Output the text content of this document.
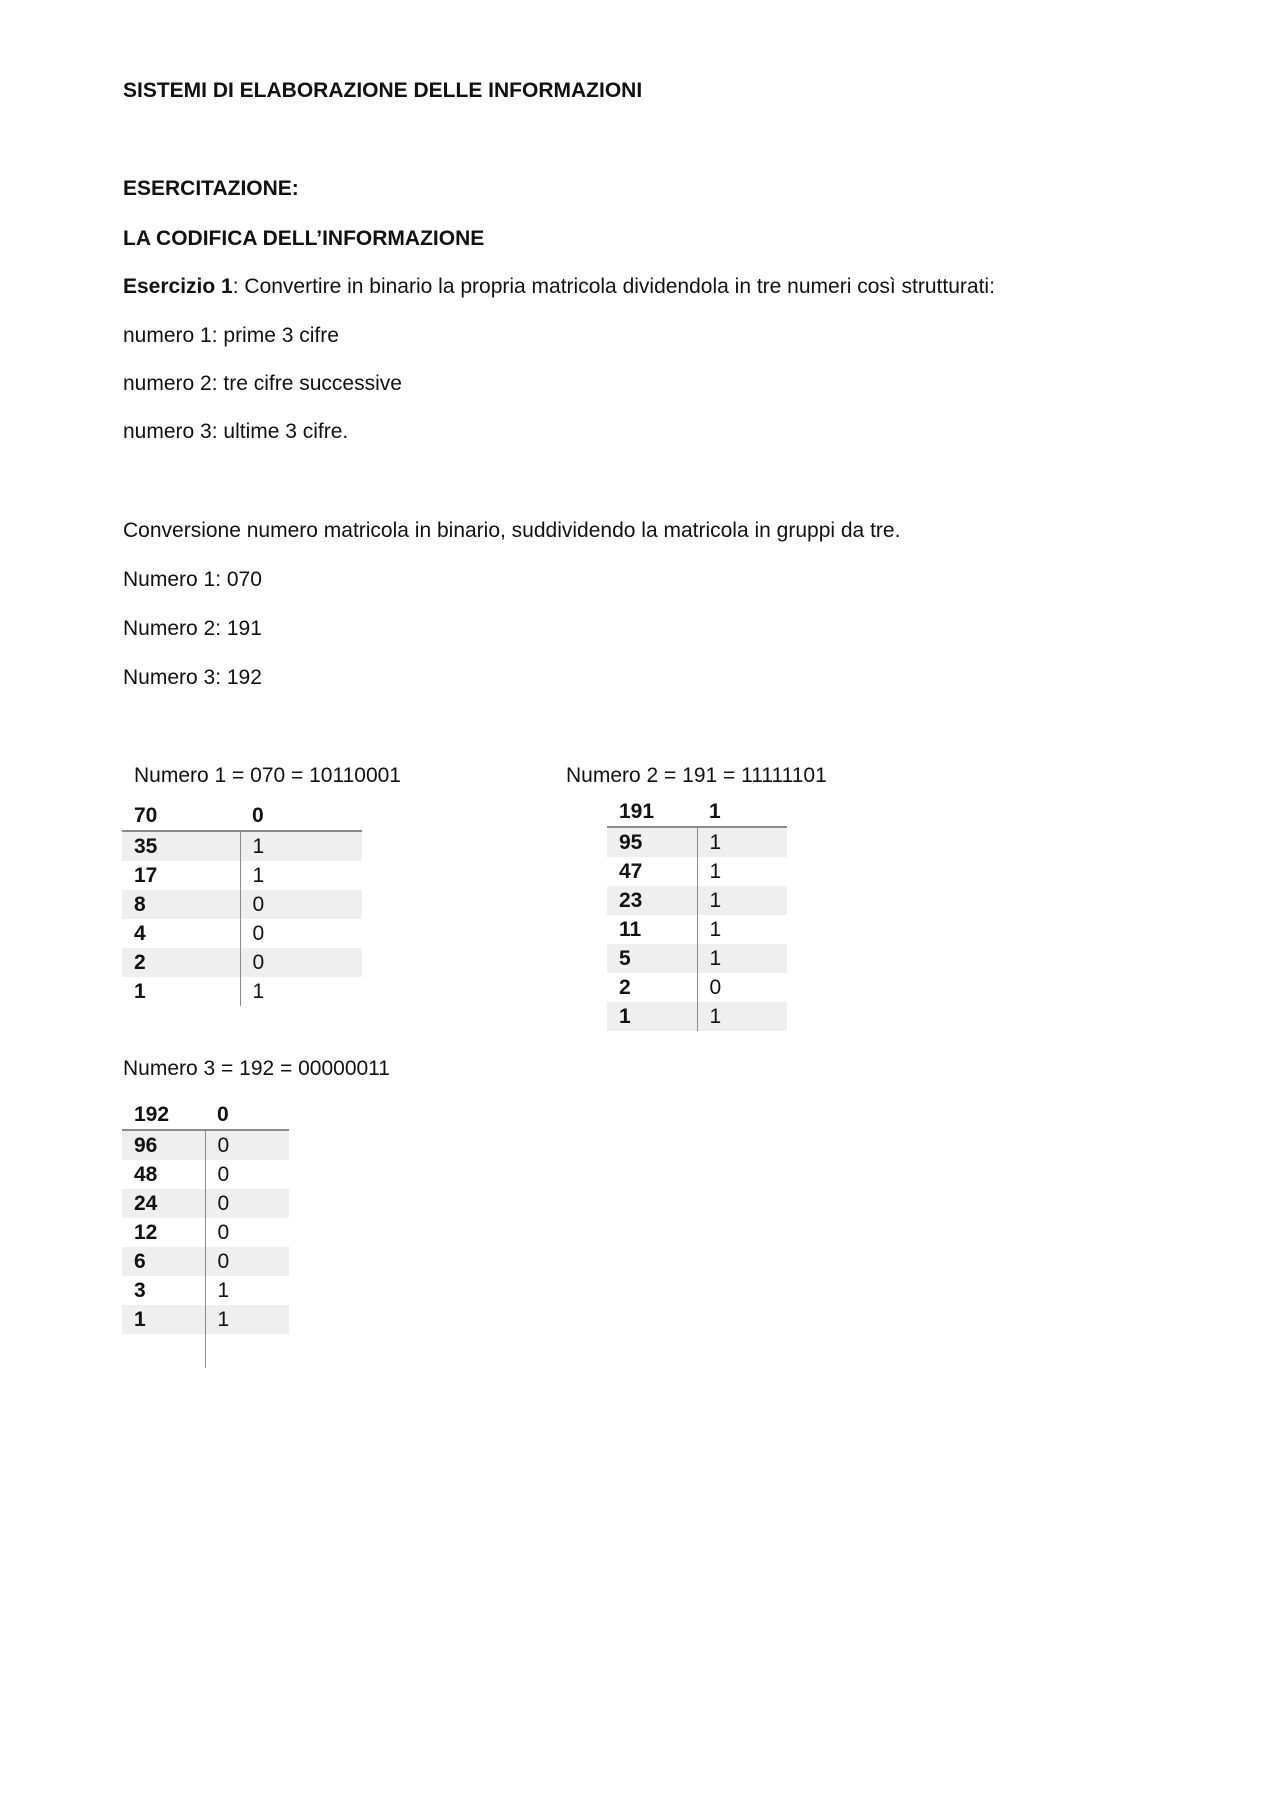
SISTEMI DI ELABORAZIONE DELLE INFORMAZIONI
ESERCITAZIONE:
LA CODIFICA DELL’INFORMAZIONE
Esercizio 1: Convertire in binario la propria matricola dividendola in tre numeri così strutturati:
numero 1: prime 3 cifre
numero 2: tre cifre successive
numero 3: ultime 3 cifre.
Conversione numero matricola in binario, suddividendo la matricola in gruppi da tre.
Numero 1: 070
Numero 2: 191
Numero 3: 192
Numero 1 = 070 = 10110001
70	0
35	1
17	1
8	0
4	0
2	0
1	1
Numero 2 = 191 = 11111101
191	1
95	1
47	1
23	1
11	1
5	1
2	0
1	1
Numero 3 = 192 = 00000011
192	0
96	0
48	0
24	0
12	0
6	0
3	1
1	1
